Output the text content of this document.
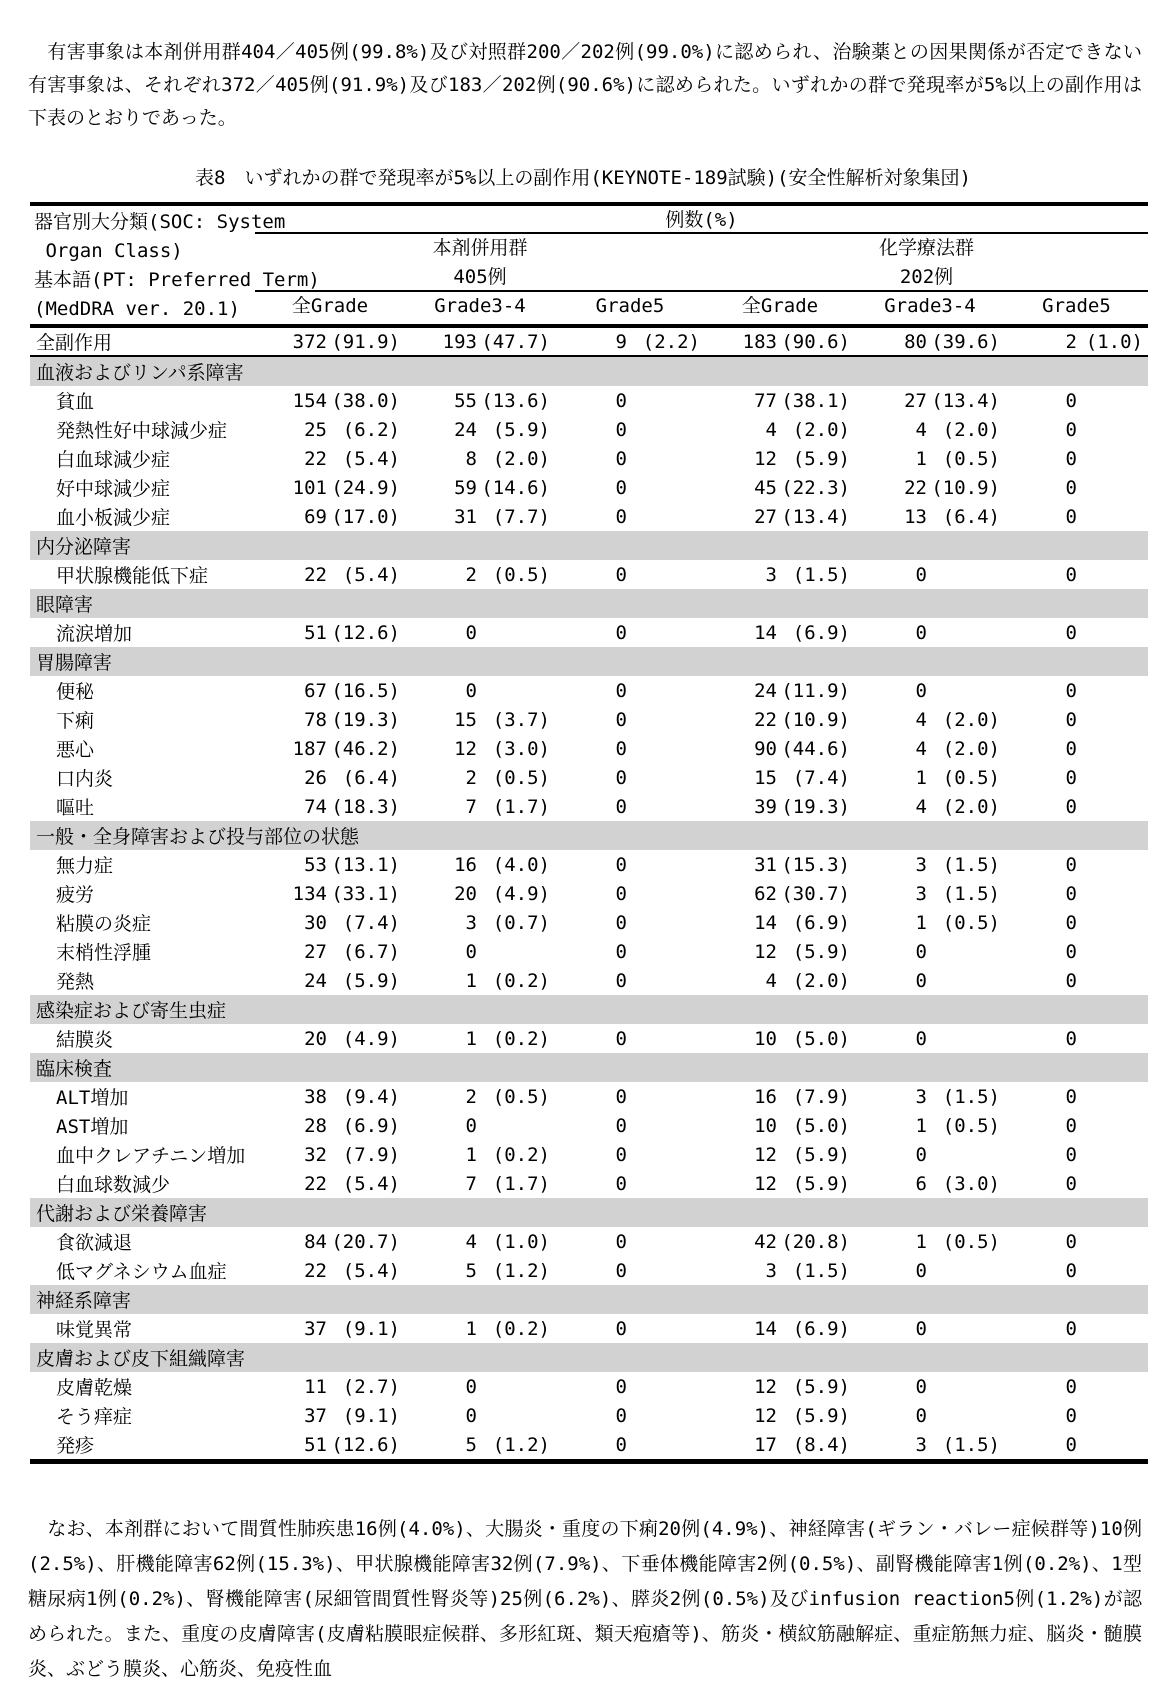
　有害事象は本剤併用群404／405例(99.8%)及び対照群200／202例(99.0%)に認められ、治験薬との因果関係が否定できない有害事象は、それぞれ372／405例(91.9%)及び183／202例(90.6%)に認められた。いずれかの群で発現率が5%以上の副作用は下表のとおりであった。

表8　いずれかの群で発現率が5%以上の副作用(KEYNOTE-189試験)(安全性解析対象集団)
器官別大分類(SOC: System
Organ Class)
基本語(PT: Preferred Term)
(MedDRA ver. 20.1)
例数(%)
本剤併用群	化学療法群
405例	202例
全Grade	Grade3-4	Grade5	全Grade	Grade3-4	Grade5
全副作用	372 (91.9)	193 (47.7)	9 (2.2)	183 (90.6)	80 (39.6)	2 (1.0)
血液およびリンパ系障害
貧血	154 (38.0)	55 (13.6)	0	77 (38.1)	27 (13.4)	0
発熱性好中球減少症	25 (6.2)	24 (5.9)	0	4 (2.0)	4 (2.0)	0
白血球減少症	22 (5.4)	8 (2.0)	0	12 (5.9)	1 (0.5)	0
好中球減少症	101 (24.9)	59 (14.6)	0	45 (22.3)	22 (10.9)	0
血小板減少症	69 (17.0)	31 (7.7)	0	27 (13.4)	13 (6.4)	0
内分泌障害
甲状腺機能低下症	22 (5.4)	2 (0.5)	0	3 (1.5)	0	0
眼障害
流涙増加	51 (12.6)	0	0	14 (6.9)	0	0
胃腸障害
便秘	67 (16.5)	0	0	24 (11.9)	0	0
下痢	78 (19.3)	15 (3.7)	0	22 (10.9)	4 (2.0)	0
悪心	187 (46.2)	12 (3.0)	0	90 (44.6)	4 (2.0)	0
口内炎	26 (6.4)	2 (0.5)	0	15 (7.4)	1 (0.5)	0
嘔吐	74 (18.3)	7 (1.7)	0	39 (19.3)	4 (2.0)	0
一般・全身障害および投与部位の状態
無力症	53 (13.1)	16 (4.0)	0	31 (15.3)	3 (1.5)	0
疲労	134 (33.1)	20 (4.9)	0	62 (30.7)	3 (1.5)	0
粘膜の炎症	30 (7.4)	3 (0.7)	0	14 (6.9)	1 (0.5)	0
末梢性浮腫	27 (6.7)	0	0	12 (5.9)	0	0
発熱	24 (5.9)	1 (0.2)	0	4 (2.0)	0	0
感染症および寄生虫症
結膜炎	20 (4.9)	1 (0.2)	0	10 (5.0)	0	0
臨床検査
ALT増加	38 (9.4)	2 (0.5)	0	16 (7.9)	3 (1.5)	0
AST増加	28 (6.9)	0	0	10 (5.0)	1 (0.5)	0
血中クレアチニン増加	32 (7.9)	1 (0.2)	0	12 (5.9)	0	0
白血球数減少	22 (5.4)	7 (1.7)	0	12 (5.9)	6 (3.0)	0
代謝および栄養障害
食欲減退	84 (20.7)	4 (1.0)	0	42 (20.8)	1 (0.5)	0
低マグネシウム血症	22 (5.4)	5 (1.2)	0	3 (1.5)	0	0
神経系障害
味覚異常	37 (9.1)	1 (0.2)	0	14 (6.9)	0	0
皮膚および皮下組織障害
皮膚乾燥	11 (2.7)	0	0	12 (5.9)	0	0
そう痒症	37 (9.1)	0	0	12 (5.9)	0	0
発疹	51 (12.6)	5 (1.2)	0	17 (8.4)	3 (1.5)	0

　なお、本剤群において間質性肺疾患16例(4.0%)、大腸炎・重度の下痢20例(4.9%)、神経障害(ギラン・バレー症候群等)10例(2.5%)、肝機能障害62例(15.3%)、甲状腺機能障害32例(7.9%)、下垂体機能障害2例(0.5%)、副腎機能障害1例(0.2%)、1型糖尿病1例(0.2%)、腎機能障害(尿細管間質性腎炎等)25例(6.2%)、膵炎2例(0.5%)及びinfusion reaction5例(1.2%)が認められた。また、重度の皮膚障害(皮膚粘膜眼症候群、多形紅斑、類天疱瘡等)、筋炎・横紋筋融解症、重症筋無力症、脳炎・髄膜炎、ぶどう膜炎、心筋炎、免疫性血
